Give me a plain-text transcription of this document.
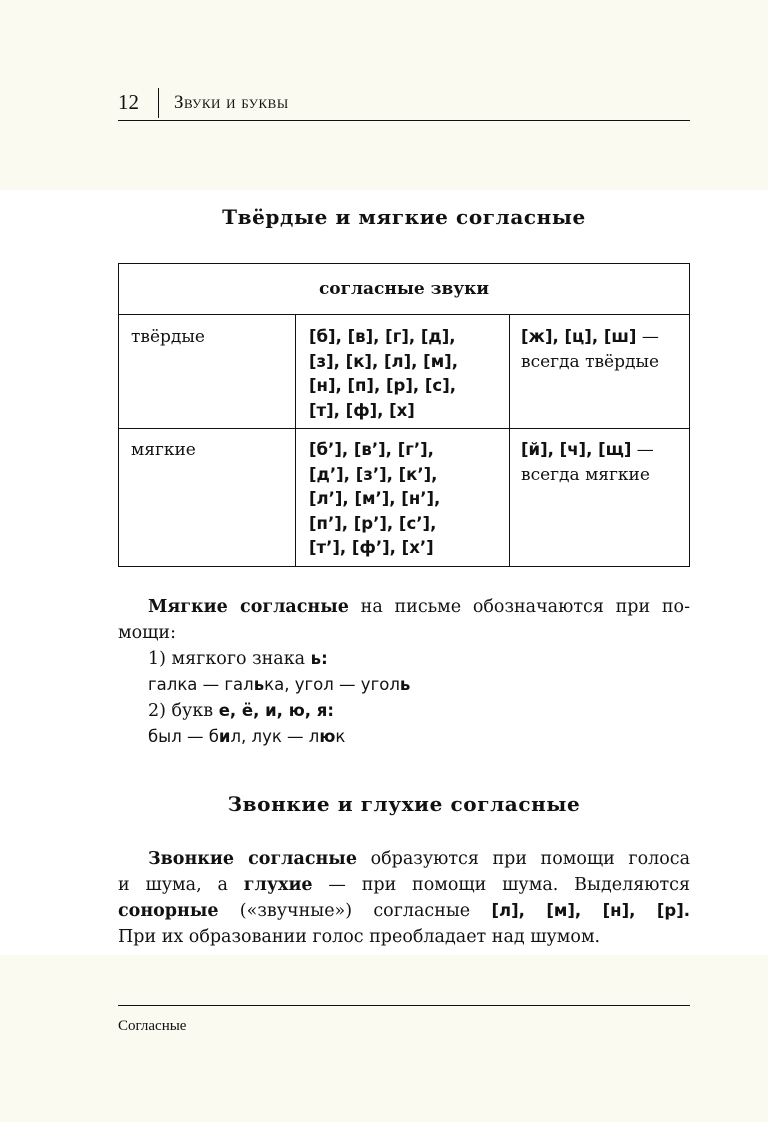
12 Звуки и буквы
Твёрдые и мягкие согласные
согласные звуки
твёрдые	[б], [в], [г], [д],
[з], [к], [л], [м],
[н], [п], [р], [с],
[т], [ф], [х]
[ж], [ц], [ш] —
всегда твёрдые
мягкие	[б’], [в’], [г’],
[д’], [з’], [к’],
[л’], [м’], [н’],
[п’], [р’], [с’],
[т’], [ф’], [х’]
[й], [ч], [щ] —
всегда мягкие
Мягкие согласные на письме обозначаются при по-
мощи:
1) мягкого знака ь:
галка — галька, угол — уголь
2) букв е, ё, и, ю, я:
был — бил, лук — люк
Звонкие и глухие согласные
Звонкие согласные образуются при помощи голоса
и шума, а глухие — при помощи шума. Выделяются
сонорные («звучные») согласные [л], [м], [н], [р].
При их образовании голос преобладает над шумом.
Согласные
